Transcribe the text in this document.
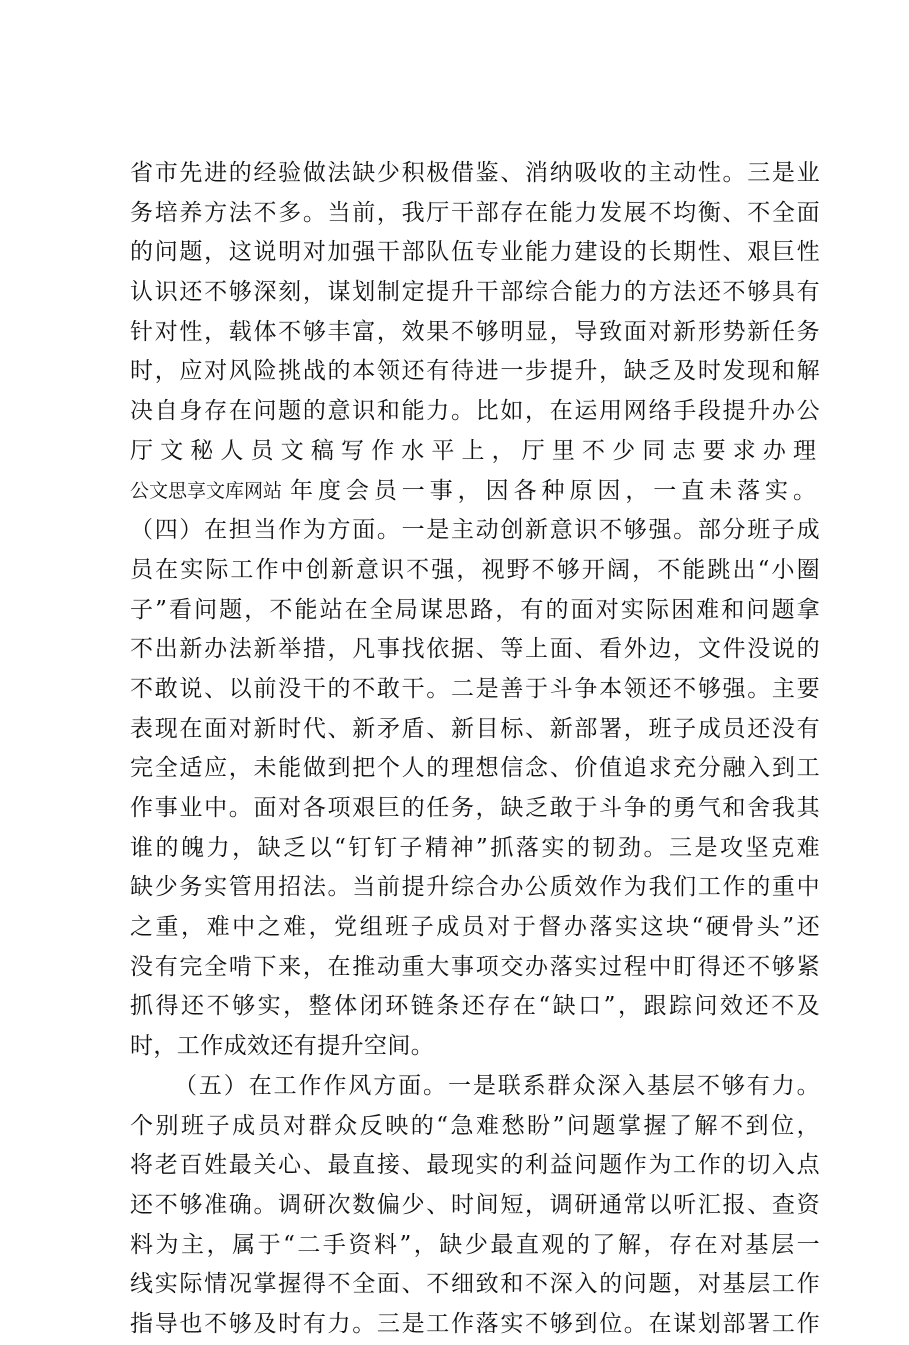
省市先进的经验做法缺少积极借鉴、消纳吸收的主动性。三是业
务培养方法不多。当前，我厅干部存在能力发展不均衡、不全面
的问题，这说明对加强干部队伍专业能力建设的长期性、艰巨性
认识还不够深刻，谋划制定提升干部综合能力的方法还不够具有
针对性，载体不够丰富，效果不够明显，导致面对新形势新任务
时，应对风险挑战的本领还有待进一步提升，缺乏及时发现和解
决自身存在问题的意识和能力。比如，在运用网络手段提升办公
厅文秘人员文稿写作水平上，厅里不少同志要求办理
公文思享文库网站 年度会员一事，因各种原因，一直未落实。
（四）在担当作为方面。一是主动创新意识不够强。部分班子成
员在实际工作中创新意识不强，视野不够开阔，不能跳出“小圈
子”看问题，不能站在全局谋思路，有的面对实际困难和问题拿
不出新办法新举措，凡事找依据、等上面、看外边，文件没说的
不敢说、以前没干的不敢干。二是善于斗争本领还不够强。主要
表现在面对新时代、新矛盾、新目标、新部署，班子成员还没有
完全适应，未能做到把个人的理想信念、价值追求充分融入到工
作事业中。面对各项艰巨的任务，缺乏敢于斗争的勇气和舍我其
谁的魄力，缺乏以“钉钉子精神”抓落实的韧劲。三是攻坚克难
缺少务实管用招法。当前提升综合办公质效作为我们工作的重中
之重，难中之难，党组班子成员对于督办落实这块“硬骨头”还
没有完全啃下来，在推动重大事项交办落实过程中盯得还不够紧
抓得还不够实，整体闭环链条还存在“缺口”，跟踪问效还不及
时，工作成效还有提升空间。
（五）在工作作风方面。一是联系群众深入基层不够有力。
个别班子成员对群众反映的“急难愁盼”问题掌握了解不到位，
将老百姓最关心、最直接、最现实的利益问题作为工作的切入点
还不够准确。调研次数偏少、时间短，调研通常以听汇报、查资
料为主，属于“二手资料”，缺少最直观的了解，存在对基层一
线实际情况掌握得不全面、不细致和不深入的问题，对基层工作
指导也不够及时有力。三是工作落实不够到位。在谋划部署工作
